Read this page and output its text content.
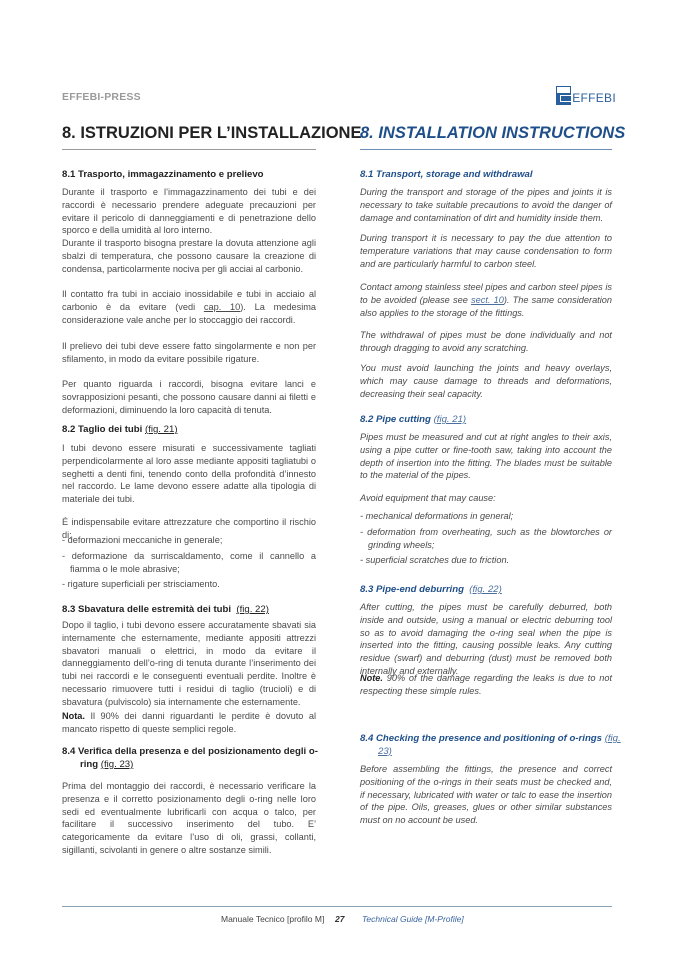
EFFEBI-PRESS	EFFEBI
8. ISTRUZIONI PER L’INSTALLAZIONE
8. INSTALLATION INSTRUCTIONS
8.1 Trasporto, immagazzinamento e prelievo
Durante il trasporto e l’immagazzinamento dei tubi e dei raccordi è necessario prendere adeguate precauzioni per evitare il pericolo di danneggiamenti e di penetrazione dello sporco e della umidità al loro interno.
Durante il trasporto bisogna prestare la dovuta attenzione agli sbalzi di temperatura, che possono causare la creazione di condensa, particolarmente nociva per gli acciai al carbonio.
Il contatto fra tubi in acciaio inossidabile e tubi in acciaio al carbonio è da evitare (vedi cap. 10). La medesima considerazione vale anche per lo stoccaggio dei raccordi.
Il prelievo dei tubi deve essere fatto singolarmente e non per sfilamento, in modo da evitare possibile rigature.
Per quanto riguarda i raccordi, bisogna evitare lanci e sovrapposizioni pesanti, che possono causare danni ai filetti e deformazioni, diminuendo la loro capacità di tenuta.
8.2 Taglio dei tubi (fig. 21)
I tubi devono essere misurati e successivamente tagliati perpendicolarmente al loro asse mediante appositi tagliatubi o seghetti a denti fini, tenendo conto della profondità d’innesto nel raccordo. Le lame devono essere adatte alla tipologia di materiale dei tubi.
É indispensabile evitare attrezzature che comportino il rischio di:
- deformazioni meccaniche in generale;
- deformazione da surriscaldamento, come il cannello a fiamma o le mole abrasive;
- rigature superficiali per strisciamento.
8.3 Sbavatura delle estremità dei tubi (fig. 22)
Dopo il taglio, i tubi devono essere accuratamente sbavati sia internamente che esternamente, mediante appositi attrezzi sbavatori manuali o elettrici, in modo da evitare il danneggiamento dell’o-ring di tenuta durante l’inserimento dei tubi nei raccordi e le conseguenti eventuali perdite. Inoltre è necessario rimuovere tutti i residui di taglio (trucioli) e di sbavatura (pulviscolo) sia internamente che esternamente.
Nota. Il 90% dei danni riguardanti le perdite è dovuto al mancato rispetto di queste semplici regole.
8.4 Verifica della presenza e del posizionamento degli o-ring (fig. 23)
Prima del montaggio dei raccordi, è necessario verificare la presenza e il corretto posizionamento degli o-ring nelle loro sedi ed eventualmente lubrificarli con acqua o talco, per facilitare il successivo inserimento del tubo. E’ categoricamente da evitare l’uso di oli, grassi, collanti, sigillanti, scivolanti in genere o altre sostanze simili.
8.1 Transport, storage and withdrawal
During the transport and storage of the pipes and joints it is necessary to take suitable precautions to avoid the danger of damage and contamination of dirt and humidity inside them.
During transport it is necessary to pay the due attention to temperature variations that may cause condensation to form and are particularly harmful to carbon steel.
Contact among stainless steel pipes and carbon steel pipes is to be avoided (please see sect. 10). The same consideration also applies to the storage of the fittings.
The withdrawal of pipes must be done individually and not through dragging to avoid any scratching.
You must avoid launching the joints and heavy overlays, which may cause damage to threads and deformations, decreasing their seal capacity.
8.2 Pipe cutting (fig. 21)
Pipes must be measured and cut at right angles to their axis, using a pipe cutter or fine-tooth saw, taking into account the depth of insertion into the fitting. The blades must be suitable to the material of the pipes.
Avoid equipment that may cause:
- mechanical deformations in general;
- deformation from overheating, such as the blowtorches or grinding wheels;
- superficial scratches due to friction.
8.3 Pipe-end deburring (fig. 22)
After cutting, the pipes must be carefully deburred, both inside and outside, using a manual or electric deburring tool so as to avoid damaging the o-ring seal when the pipe is inserted into the fitting, causing possible leaks. Any cutting residue (swarf) and deburring (dust) must be removed both internally and externally.
Note. 90% of the damage regarding the leaks is due to not respecting these simple rules.
8.4 Checking the presence and positioning of o-rings (fig. 23)
Before assembling the fittings, the presence and correct positioning of the o-rings in their seats must be checked and, if necessary, lubricated with water or talc to ease the insertion of the pipe. Oils, greases, glues or other similar substances must on no account be used.
Manuale Tecnico [profilo M] 27 Technical Guide [M-Profile]
